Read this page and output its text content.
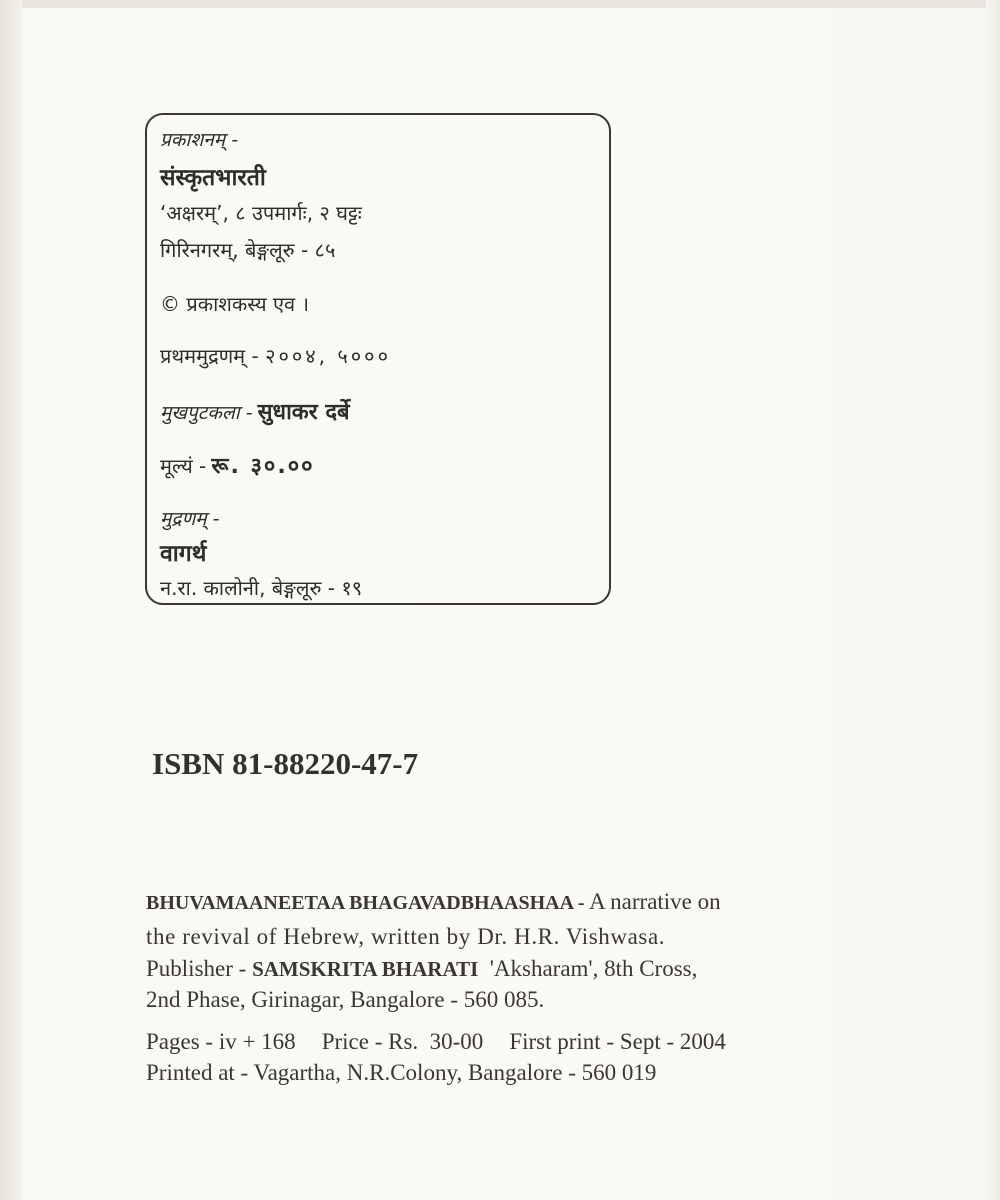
प्रकाशनम् -
संस्कृतभारती
‘अक्षरम्’, ८ उपमार्गः, २ घट्टः
गिरिनगरम्, बेङ्गलूरु - ८५
© प्रकाशकस्य एव ।
प्रथममुद्रणम् - २००४, ५०००
मुखपुटकला - सुधाकर दर्बे
मूल्यं - रू. ३०.००
मुद्रणम् -
वागर्थ
न.रा. कालोनी, बेङ्गलूरु - १९
ISBN 81-88220-47-7
BHUVAMAANEETAA BHAGAVADBHAASHAA - A narrative on
the revival of Hebrew, written by Dr. H.R. Vishwasa.
Publisher - SAMSKRITA BHARATI  'Aksharam', 8th Cross,
2nd Phase, Girinagar, Bangalore - 560 085.
Pages - iv + 168 Price - Rs.  30-00 First print - Sept - 2004
Printed at - Vagartha, N.R.Colony, Bangalore - 560 019
